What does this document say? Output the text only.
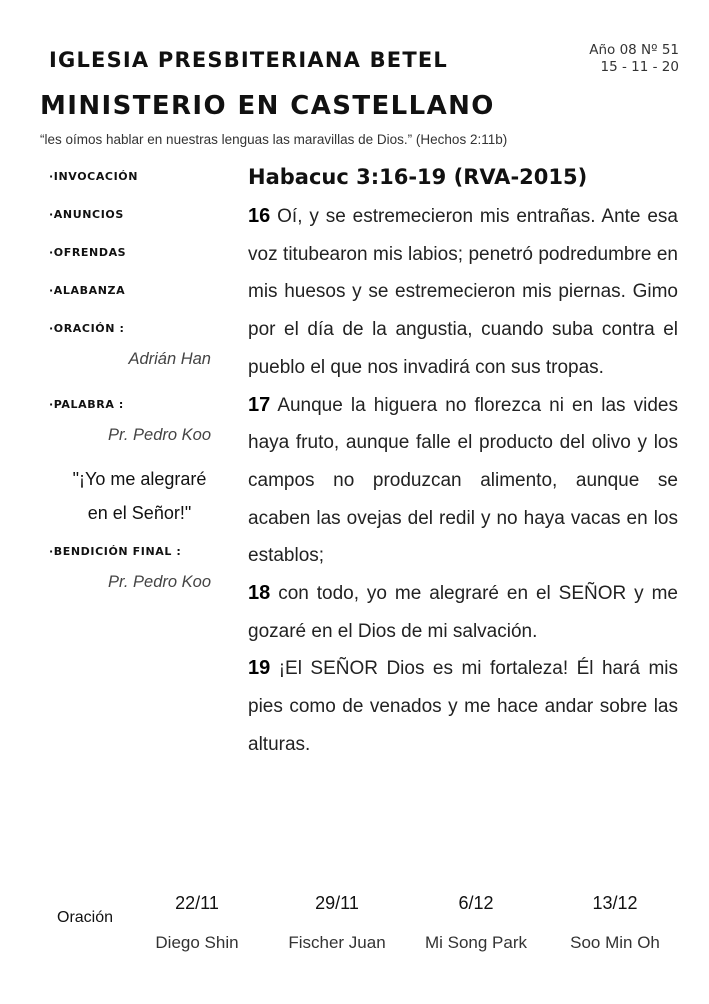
IGLESIA PRESBITERIANA BETEL	Año 08 Nº 51
15 - 11 - 20
MINISTERIO EN CASTELLANO
“les oímos hablar en nuestras lenguas las maravillas de Dios.” (Hechos 2:11b)
·INVOCACIÓN
·ANUNCIOS
·OFRENDAS
·ALABANZA
·ORACIÓN :
Adrián Han
·PALABRA :
Pr. Pedro Koo
"¡Yo me alegraré
en el Señor!"
·BENDICIÓN FINAL :
Pr. Pedro Koo
Habacuc 3:16-19 (RVA-2015)

16 Oí, y se estremecieron mis entrañas. Ante esa voz titubearon mis labios; penetró podredumbre en mis huesos y se estremecieron mis piernas. Gimo por el día de la angustia, cuando suba contra el pueblo el que nos invadirá con sus tropas.

17 Aunque la higuera no florezca ni en las vides haya fruto, aunque falle el producto del olivo y los campos no produzcan alimento, aunque se acaben las ovejas del redil y no haya vacas en los establos;

18 con todo, yo me alegraré en el SEÑOR y me gozaré en el Dios de mi salvación.

19 ¡El SEÑOR Dios es mi fortaleza! Él hará mis pies como de venados y me hace andar sobre las alturas.

Oración
22/11
Diego Shin
29/11
Fischer Juan
6/12
Mi Song Park
13/12
Soo Min Oh
